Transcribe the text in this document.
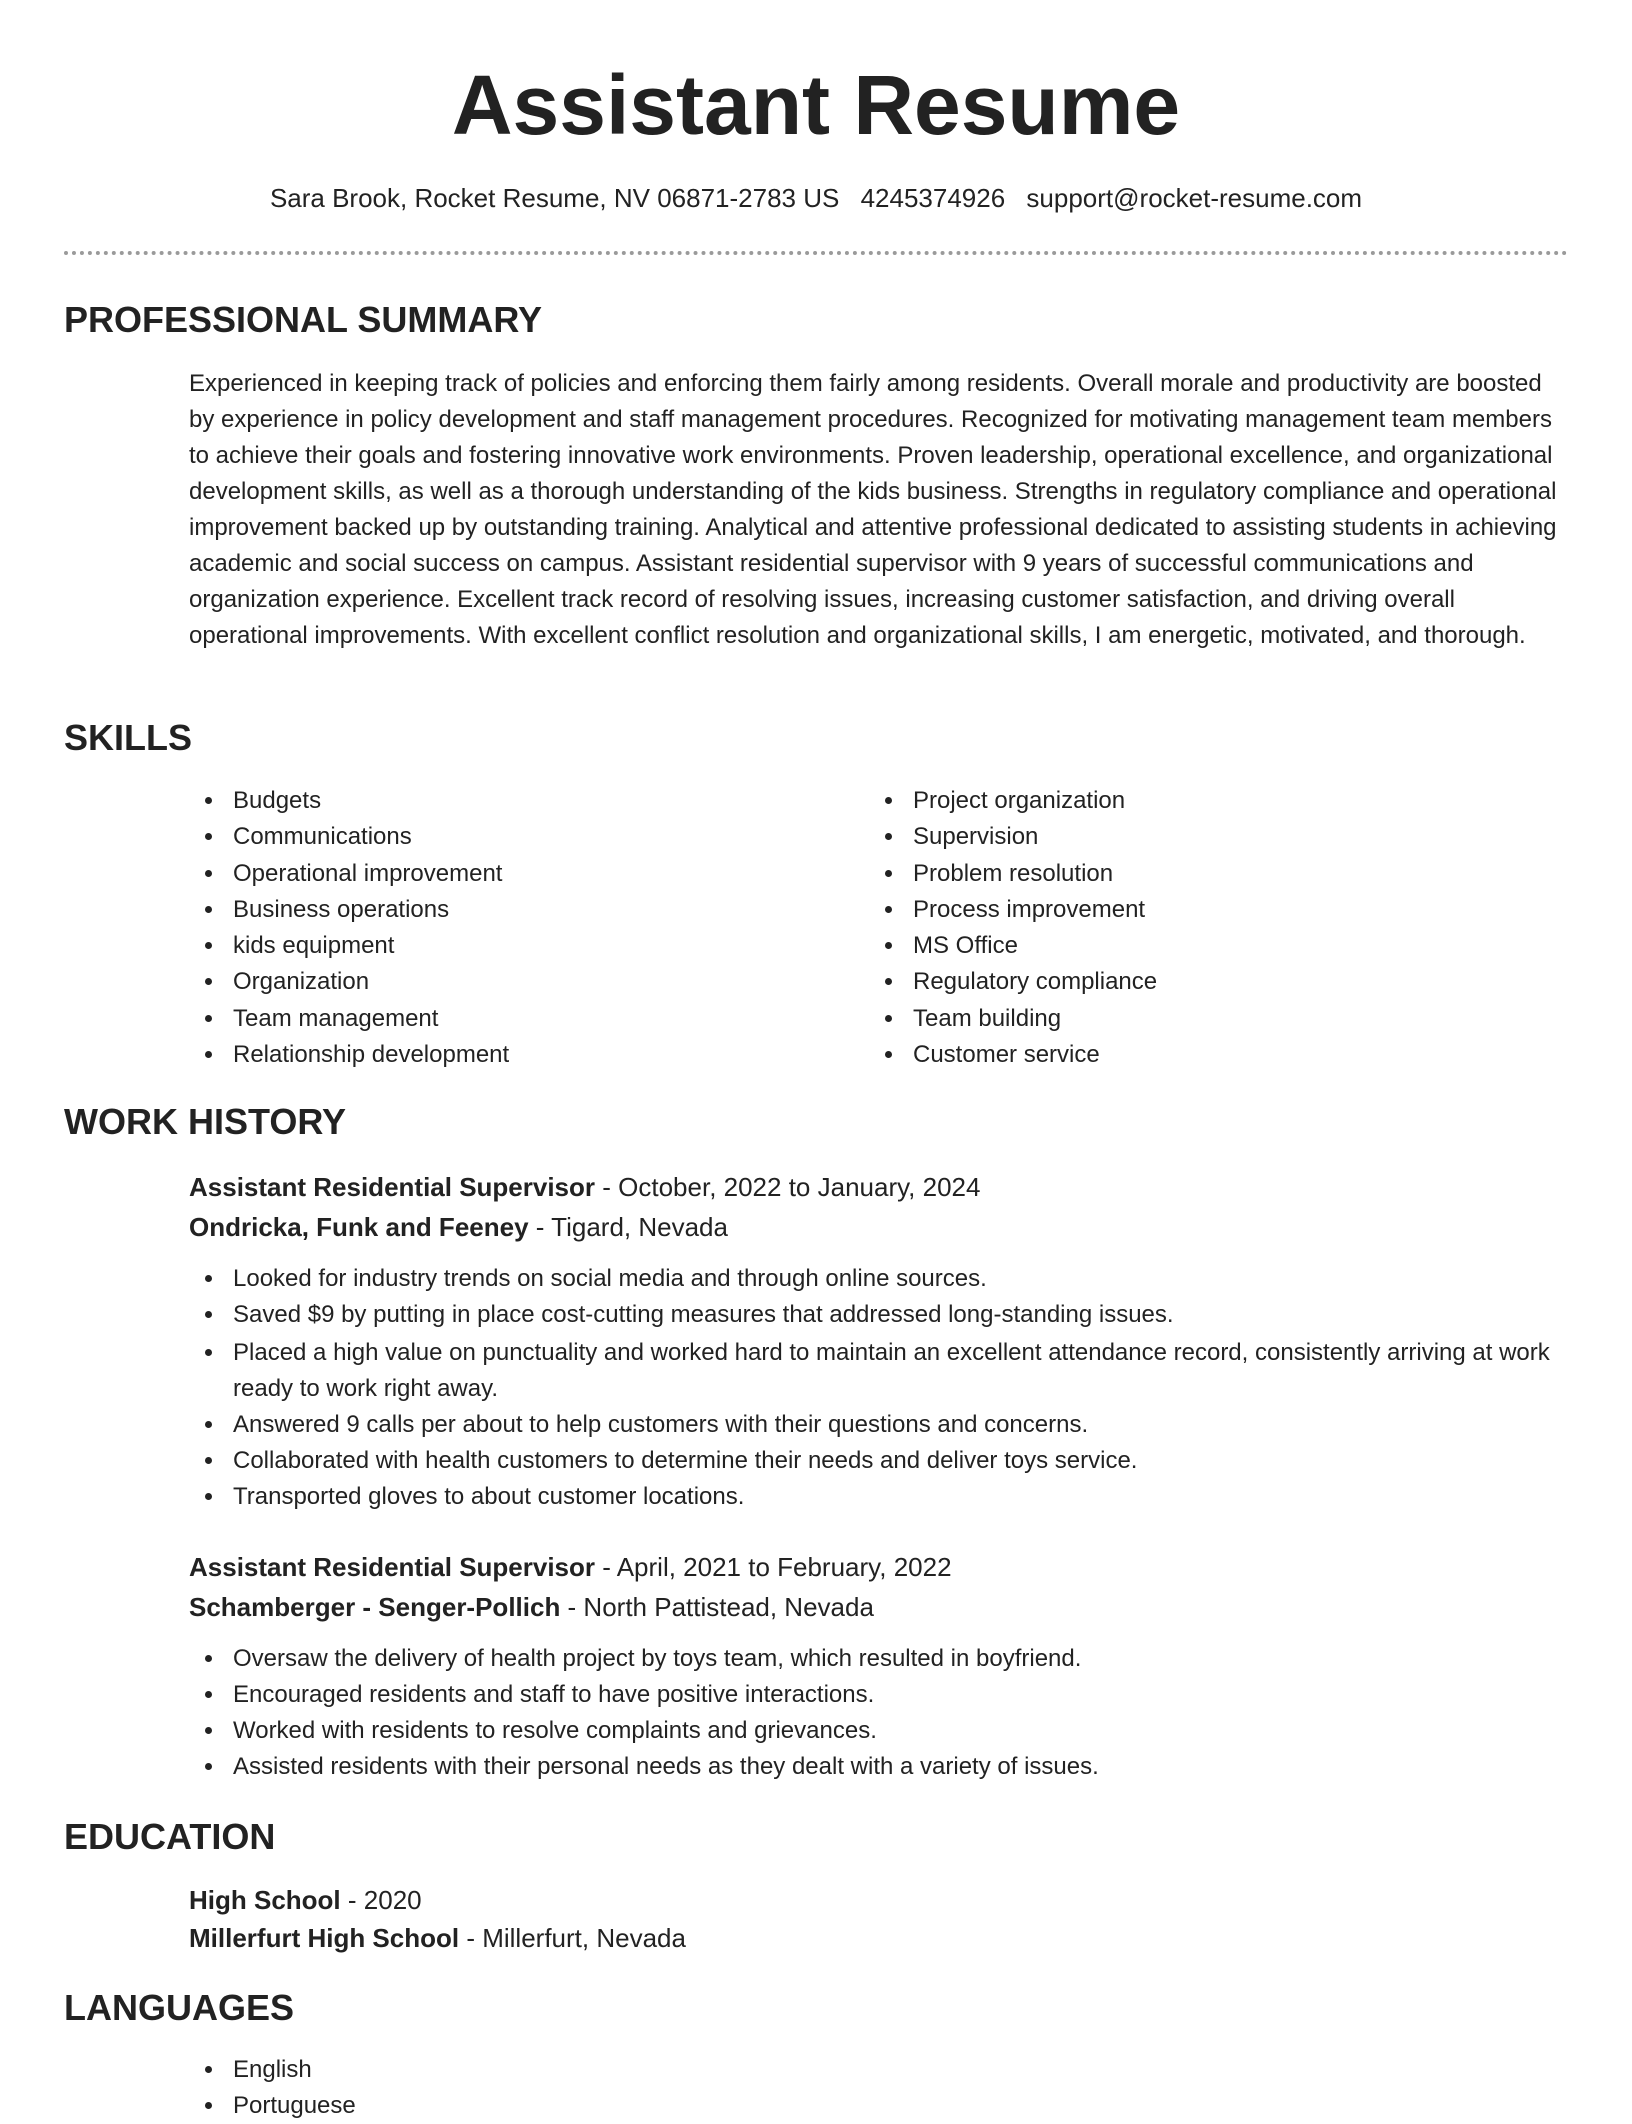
Assistant Resume
Sara Brook, Rocket Resume, NV 06871-2783 US 4245374926 support@rocket-resume.com
PROFESSIONAL SUMMARY

Experienced in keeping track of policies and enforcing them fairly among residents. Overall morale and productivity are boosted by experience in policy development and staff management procedures. Recognized for motivating management team members to achieve their goals and fostering innovative work environments. Proven leadership, operational excellence, and organizational development skills, as well as a thorough understanding of the kids business. Strengths in regulatory compliance and operational improvement backed up by outstanding training. Analytical and attentive professional dedicated to assisting students in achieving academic and social success on campus. Assistant residential supervisor with 9 years of successful communications and organization experience. Excellent track record of resolving issues, increasing customer satisfaction, and driving overall operational improvements. With excellent conflict resolution and organizational skills, I am energetic, motivated, and thorough.

SKILLS
Budgets
Communications
Operational improvement
Business operations
kids equipment
Organization
Team management
Relationship development
Project organization
Supervision
Problem resolution
Process improvement
MS Office
Regulatory compliance
Team building
Customer service
WORK HISTORY
Assistant Residential Supervisor - October, 2022 to January, 2024
Ondricka, Funk and Feeney - Tigard, Nevada
Looked for industry trends on social media and through online sources.
Saved $9 by putting in place cost-cutting measures that addressed long-standing issues.
Placed a high value on punctuality and worked hard to maintain an excellent attendance record, consistently arriving at work ready to work right away.
Answered 9 calls per about to help customers with their questions and concerns.
Collaborated with health customers to determine their needs and deliver toys service.
Transported gloves to about customer locations.
Assistant Residential Supervisor - April, 2021 to February, 2022
Schamberger - Senger-Pollich - North Pattistead, Nevada
Oversaw the delivery of health project by toys team, which resulted in boyfriend.
Encouraged residents and staff to have positive interactions.
Worked with residents to resolve complaints and grievances.
Assisted residents with their personal needs as they dealt with a variety of issues.
EDUCATION
High School - 2020
Millerfurt High School - Millerfurt, Nevada
LANGUAGES
English
Portuguese
